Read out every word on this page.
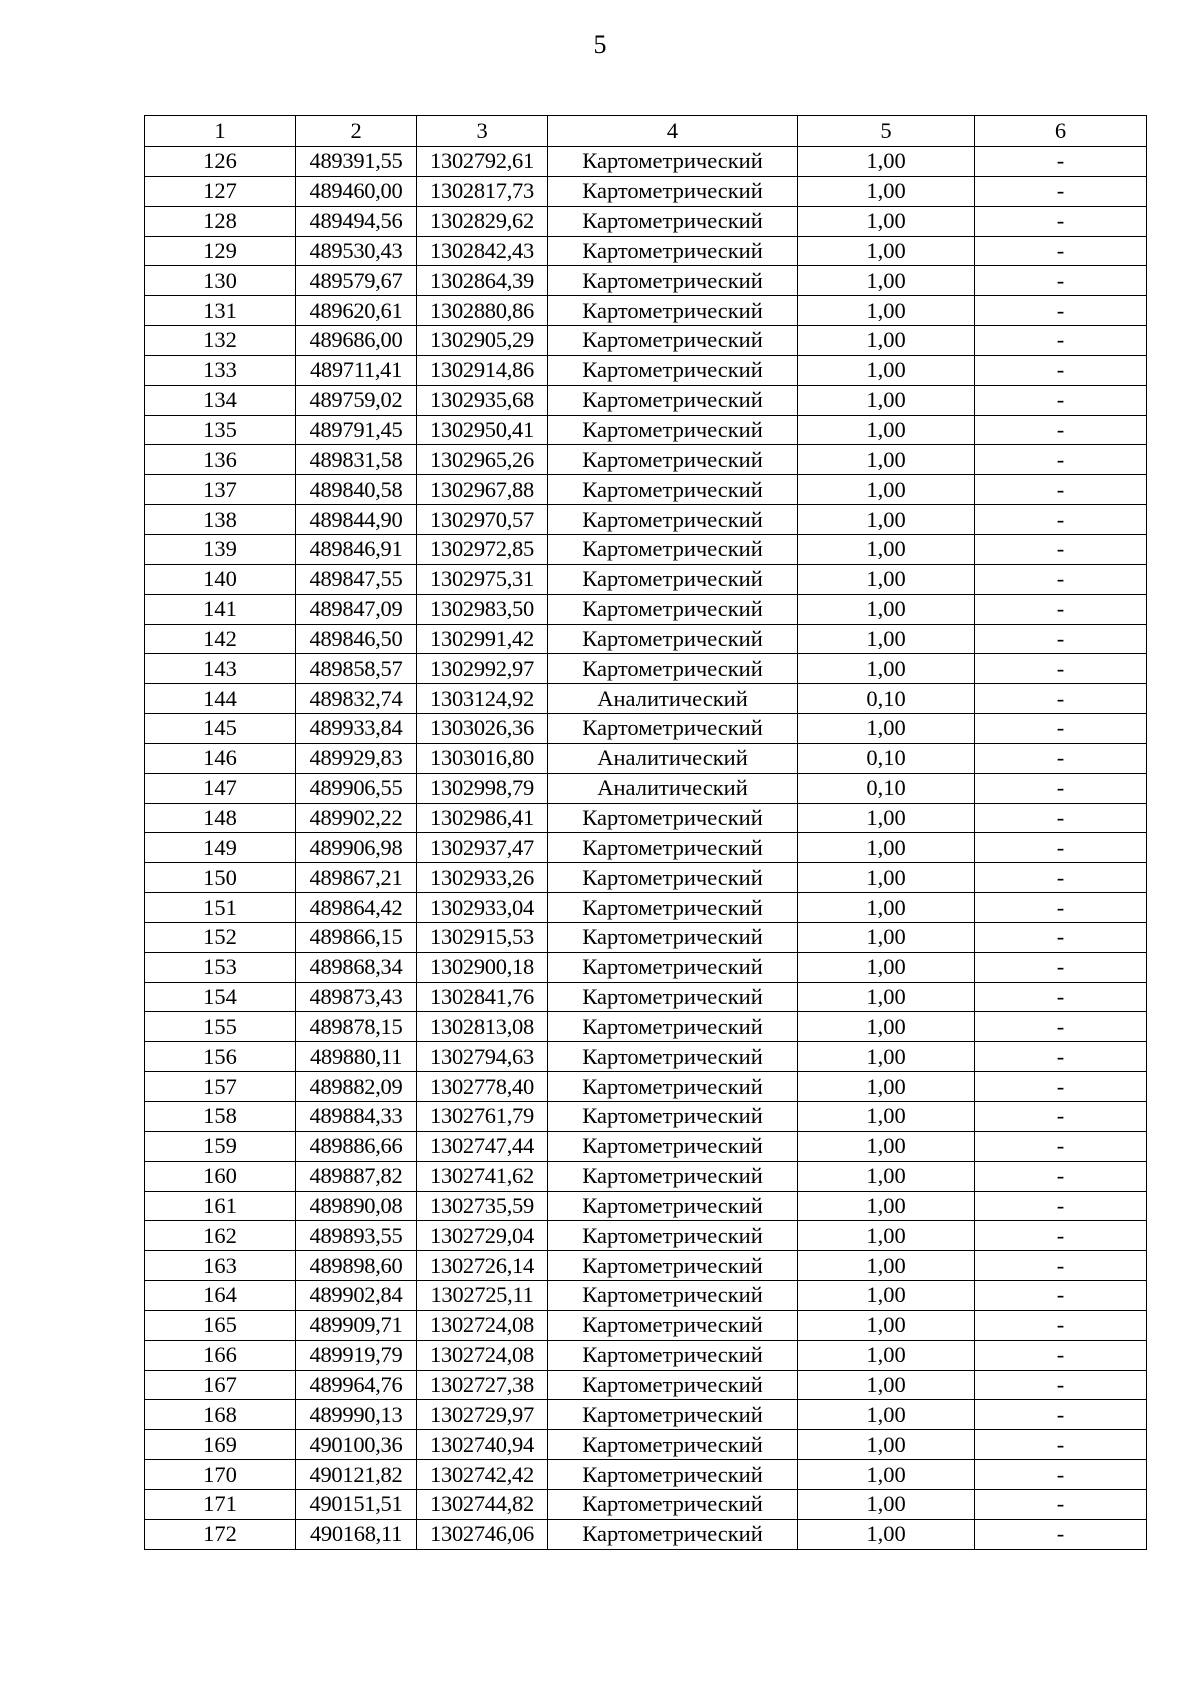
5
1	2	3	4	5	6
126	489391,55	1302792,61	Картометрический	1,00	-
127	489460,00	1302817,73	Картометрический	1,00	-
128	489494,56	1302829,62	Картометрический	1,00	-
129	489530,43	1302842,43	Картометрический	1,00	-
130	489579,67	1302864,39	Картометрический	1,00	-
131	489620,61	1302880,86	Картометрический	1,00	-
132	489686,00	1302905,29	Картометрический	1,00	-
133	489711,41	1302914,86	Картометрический	1,00	-
134	489759,02	1302935,68	Картометрический	1,00	-
135	489791,45	1302950,41	Картометрический	1,00	-
136	489831,58	1302965,26	Картометрический	1,00	-
137	489840,58	1302967,88	Картометрический	1,00	-
138	489844,90	1302970,57	Картометрический	1,00	-
139	489846,91	1302972,85	Картометрический	1,00	-
140	489847,55	1302975,31	Картометрический	1,00	-
141	489847,09	1302983,50	Картометрический	1,00	-
142	489846,50	1302991,42	Картометрический	1,00	-
143	489858,57	1302992,97	Картометрический	1,00	-
144	489832,74	1303124,92	Аналитический	0,10	-
145	489933,84	1303026,36	Картометрический	1,00	-
146	489929,83	1303016,80	Аналитический	0,10	-
147	489906,55	1302998,79	Аналитический	0,10	-
148	489902,22	1302986,41	Картометрический	1,00	-
149	489906,98	1302937,47	Картометрический	1,00	-
150	489867,21	1302933,26	Картометрический	1,00	-
151	489864,42	1302933,04	Картометрический	1,00	-
152	489866,15	1302915,53	Картометрический	1,00	-
153	489868,34	1302900,18	Картометрический	1,00	-
154	489873,43	1302841,76	Картометрический	1,00	-
155	489878,15	1302813,08	Картометрический	1,00	-
156	489880,11	1302794,63	Картометрический	1,00	-
157	489882,09	1302778,40	Картометрический	1,00	-
158	489884,33	1302761,79	Картометрический	1,00	-
159	489886,66	1302747,44	Картометрический	1,00	-
160	489887,82	1302741,62	Картометрический	1,00	-
161	489890,08	1302735,59	Картометрический	1,00	-
162	489893,55	1302729,04	Картометрический	1,00	-
163	489898,60	1302726,14	Картометрический	1,00	-
164	489902,84	1302725,11	Картометрический	1,00	-
165	489909,71	1302724,08	Картометрический	1,00	-
166	489919,79	1302724,08	Картометрический	1,00	-
167	489964,76	1302727,38	Картометрический	1,00	-
168	489990,13	1302729,97	Картометрический	1,00	-
169	490100,36	1302740,94	Картометрический	1,00	-
170	490121,82	1302742,42	Картометрический	1,00	-
171	490151,51	1302744,82	Картометрический	1,00	-
172	490168,11	1302746,06	Картометрический	1,00	-
